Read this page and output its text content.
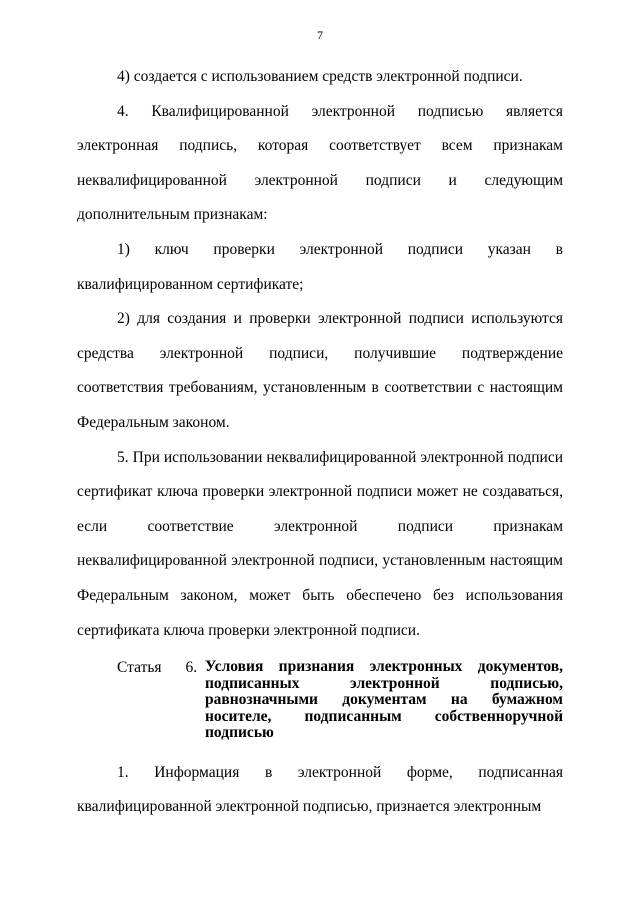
7

4) создается с использованием средств электронной подписи.

4. Квалифицированной электронной подписью является электронная подпись, которая соответствует всем признакам неквалифицированной электронной подписи и следующим дополнительным признакам:

1) ключ проверки электронной подписи указан в квалифицированном сертификате;

2) для создания и проверки электронной подписи используются средства электронной подписи, получившие подтверждение соответствия требованиям, установленным в соответствии с настоящим Федеральным законом.

5. При использовании неквалифицированной электронной подписи сертификат ключа проверки электронной подписи может не создаваться, если соответствие электронной подписи признакам неквалифицированной электронной подписи, установленным настоящим Федеральным законом, может быть обеспечено без использования сертификата ключа проверки электронной подписи.

Статья 6. Условия признания электронных документов, подписанных электронной подписью, равнозначными документам на бумажном носителе, подписанным собственноручной подписью

1. Информация в электронной форме, подписанная квалифицированной электронной подписью, признается электронным
